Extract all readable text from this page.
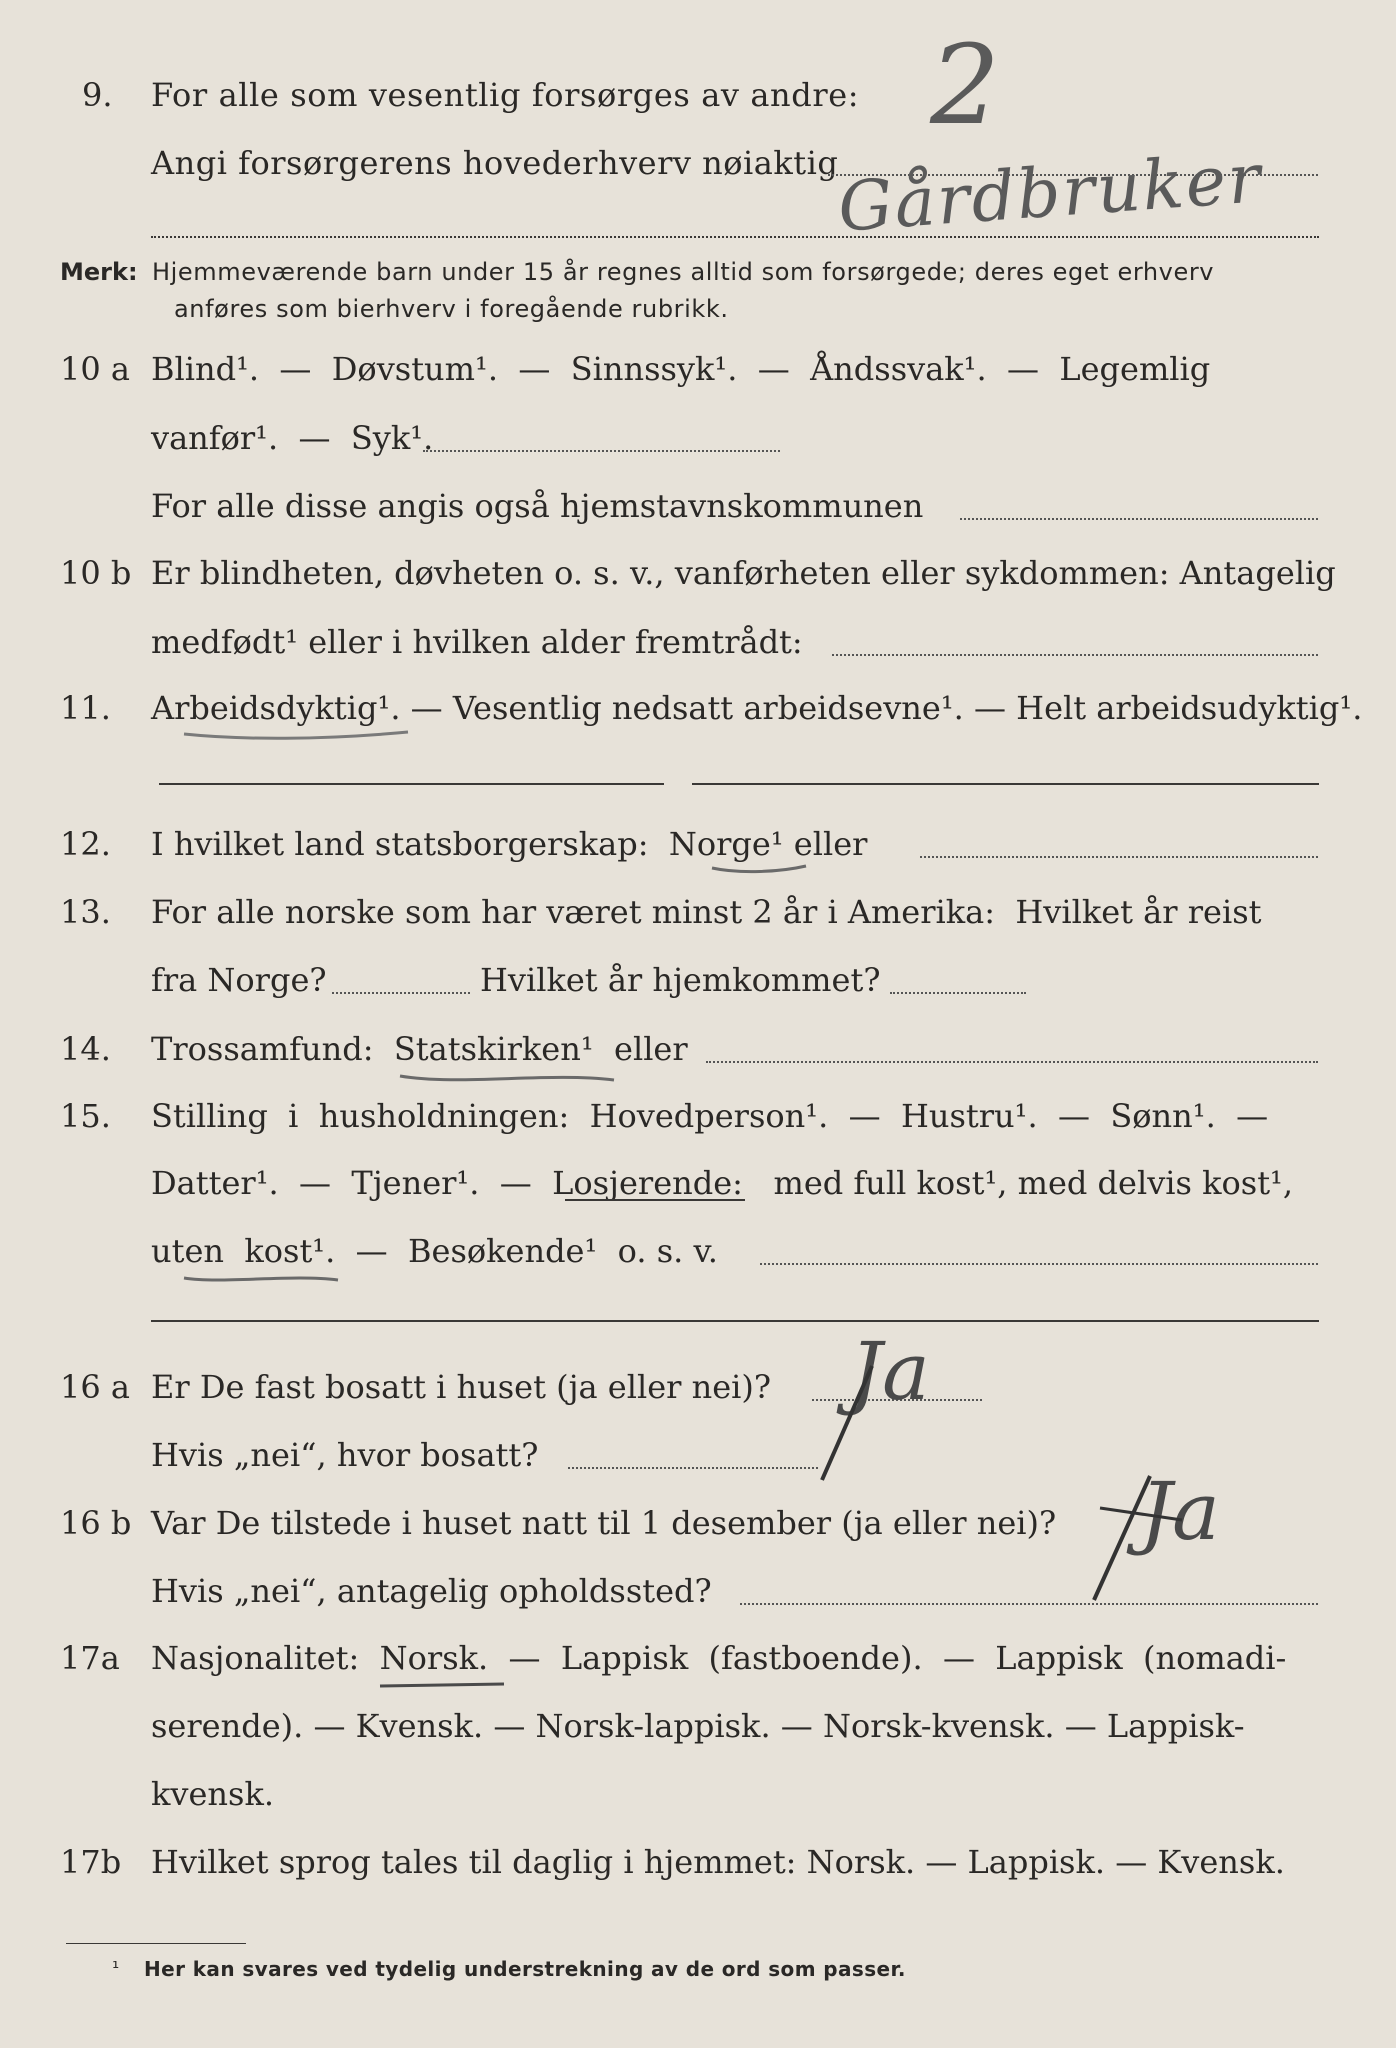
9. For alle som vesentlig forsørges av andre:
Angi forsørgerens hovederhverv nøiaktig
2
Gårdbruker
Merk: Hjemmeværende barn under 15 år regnes alltid som forsørgede; deres eget erhverv
anføres som bierhverv i foregående rubrikk.
10 a Blind¹.  —  Døvstum¹.  —  Sinnssyk¹.  —  Åndssvak¹.  —  Legemlig
vanfør¹.  —  Syk¹.
For alle disse angis også hjemstavnskommunen
10 b Er blindheten, døvheten o. s. v., vanførheten eller sykdommen: Antagelig
medfødt¹ eller i hvilken alder fremtrådt:
11. Arbeidsdyktig¹. — Vesentlig nedsatt arbeidsevne¹. — Helt arbeidsudyktig¹.
12. I hvilket land statsborgerskap:  Norge¹ eller
13. For alle norske som har været minst 2 år i Amerika:  Hvilket år reist
fra Norge?	Hvilket år hjemkommet?
14. Trossamfund:  Statskirken¹  eller
15. Stilling  i  husholdningen:  Hovedperson¹.  —  Hustru¹.  —  Sønn¹.  —
Datter¹.  —  Tjener¹.  —  Losjerende:   med full kost¹, med delvis kost¹,
uten  kost¹.  —  Besøkende¹  o. s. v.
16 a Er De fast bosatt i huset (ja eller nei)?
Hvis „nei“, hvor bosatt?
Ja
16 b Var De tilstede i huset natt til 1 desember (ja eller nei)?
Hvis „nei“, antagelig opholdssted?
Ja
17a Nasjonalitet:  Norsk.  —  Lappisk  (fastboende).  —  Lappisk  (nomadi-
serende). — Kvensk. — Norsk-lappisk. — Norsk-kvensk. — Lappisk-
kvensk.
17b Hvilket sprog tales til daglig i hjemmet: Norsk. — Lappisk. — Kvensk.
¹ Her kan svares ved tydelig understrekning av de ord som passer.
